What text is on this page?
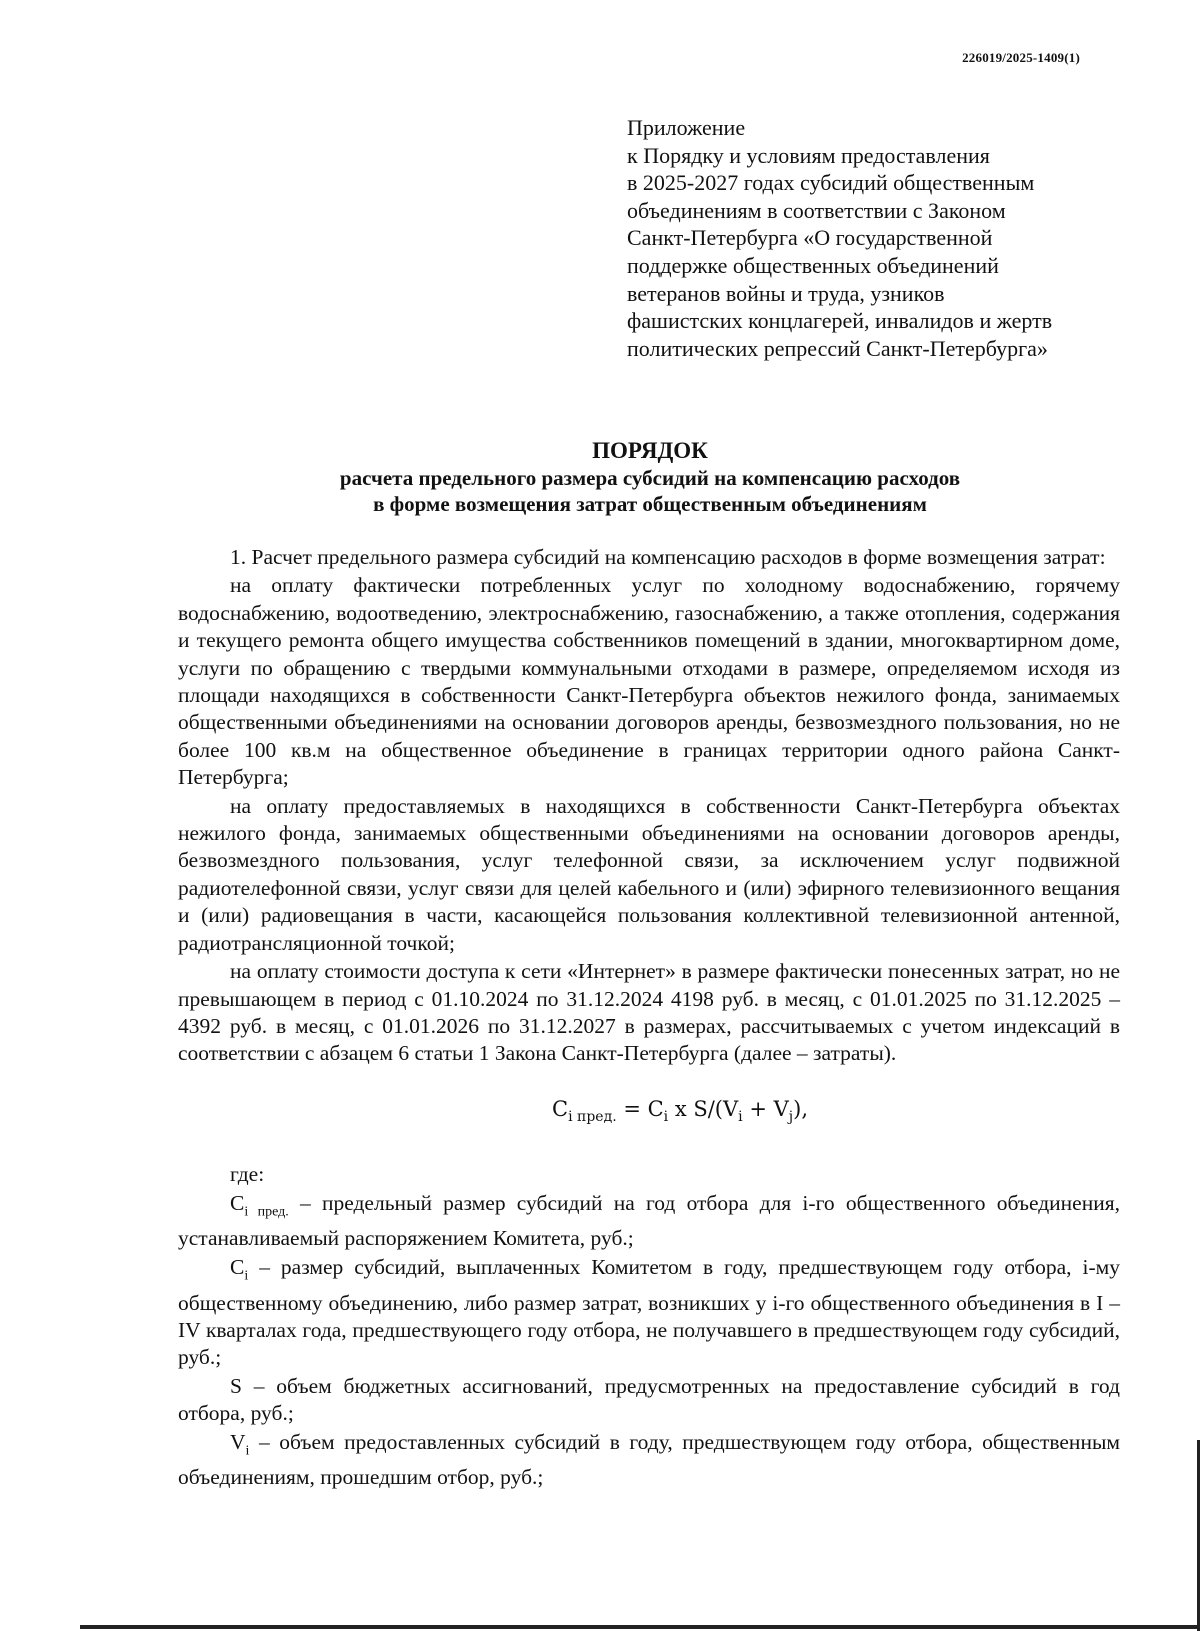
226019/2025-1409(1)
Приложение
к Порядку и условиям предоставления
в 2025-2027 годах субсидий общественным
объединениям в соответствии с Законом
Санкт-Петербурга «О государственной
поддержке общественных объединений
ветеранов войны и труда, узников
фашистских концлагерей, инвалидов и жертв
политических репрессий Санкт-Петербурга»
ПОРЯДОК
расчета предельного размера субсидий на компенсацию расходов
в форме возмещения затрат общественным объединениям

1. Расчет предельного размера субсидий на компенсацию расходов в форме возмещения затрат:

на оплату фактически потребленных услуг по холодному водоснабжению, горячему водоснабжению, водоотведению, электроснабжению, газоснабжению, а также отопления, содержания и текущего ремонта общего имущества собственников помещений в здании, многоквартирном доме, услуги по обращению с твердыми коммунальными отходами в размере, определяемом исходя из площади находящихся в собственности Санкт-Петербурга объектов нежилого фонда, занимаемых общественными объединениями на основании договоров аренды, безвозмездного пользования, но не более 100 кв.м на общественное объединение в границах территории одного района Санкт-Петербурга;

на оплату предоставляемых в находящихся в собственности Санкт-Петербурга объектах нежилого фонда, занимаемых общественными объединениями на основании договоров аренды, безвозмездного пользования, услуг телефонной связи, за исключением услуг подвижной радиотелефонной связи, услуг связи для целей кабельного и (или) эфирного телевизионного вещания и (или) радиовещания в части, касающейся пользования коллективной телевизионной антенной, радиотрансляционной точкой;

на оплату стоимости доступа к сети «Интернет» в размере фактически понесенных затрат, но не превышающем в период с 01.10.2024 по 31.12.2024 4198 руб. в месяц, с 01.01.2025 по 31.12.2025 – 4392 руб. в месяц, с 01.01.2026 по 31.12.2027 в размерах, рассчитываемых с учетом индексаций в соответствии с абзацем 6 статьи 1 Закона Санкт-Петербурга (далее – затраты).

$C_{i пред.} = C_i$ x $S/(V_i + V_j)$,

где:

$C_{i пред.}$ – предельный размер субсидий на год отбора для i-го общественного объединения, устанавливаемый распоряжением Комитета, руб.;

$C_i$ – размер субсидий, выплаченных Комитетом в году, предшествующем году отбора, i-му общественному объединению, либо размер затрат, возникших у i-го общественного объединения в I – IV кварталах года, предшествующего году отбора, не получавшего в предшествующем году субсидий, руб.;

S – объем бюджетных ассигнований, предусмотренных на предоставление субсидий в год отбора, руб.;

$V_i$ – объем предоставленных субсидий в году, предшествующем году отбора, общественным объединениям, прошедшим отбор, руб.;
